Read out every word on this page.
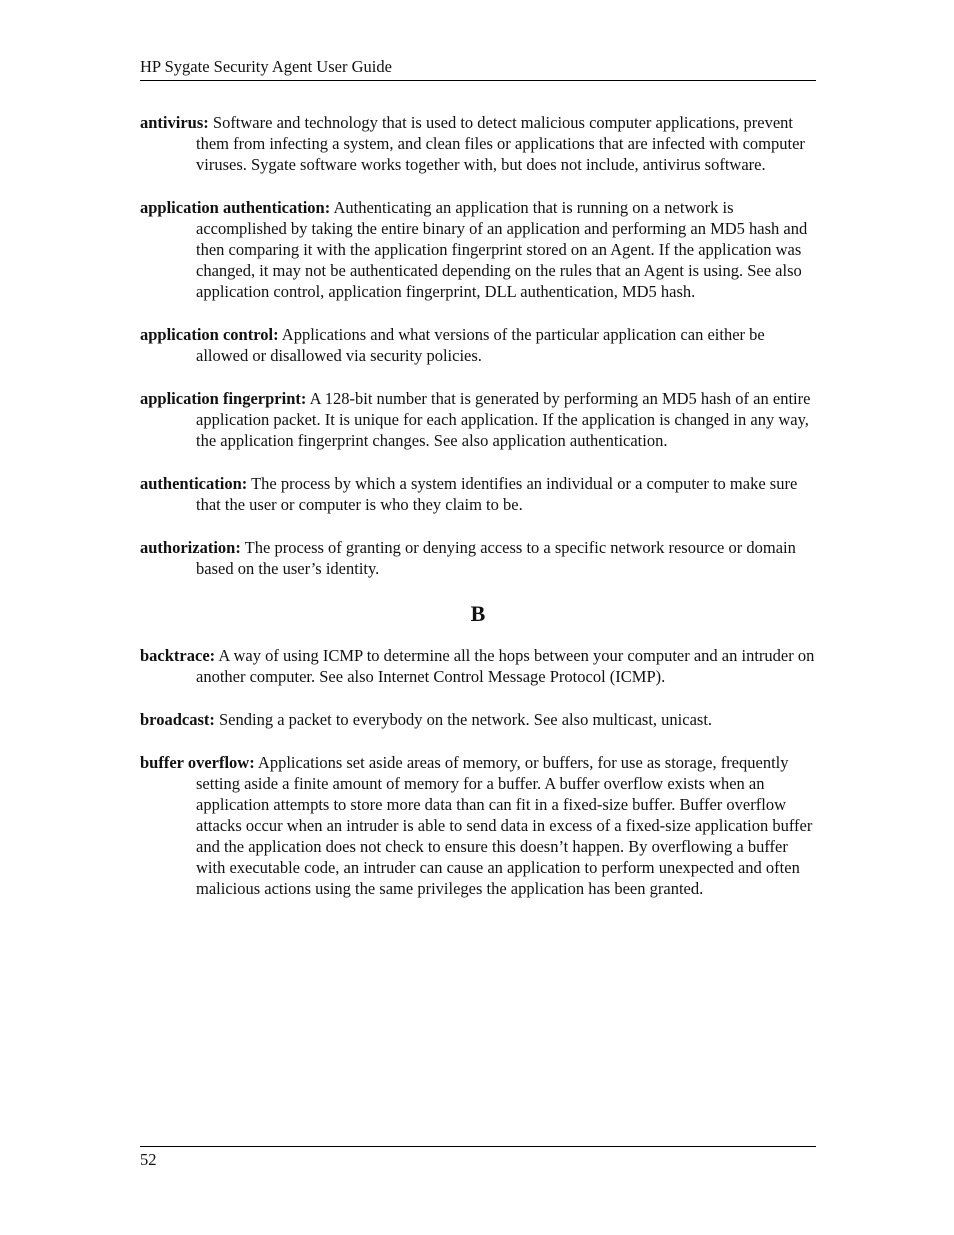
HP Sygate Security Agent User Guide

antivirus: Software and technology that is used to detect malicious computer applications, prevent them from infecting a system, and clean files or applications that are infected with computer viruses. Sygate software works together with, but does not include, antivirus software.

application authentication: Authenticating an application that is running on a network is accomplished by taking the entire binary of an application and performing an MD5 hash and then comparing it with the application fingerprint stored on an Agent. If the application was changed, it may not be authenticated depending on the rules that an Agent is using. See also application control, application fingerprint, DLL authentication, MD5 hash.

application control: Applications and what versions of the particular application can either be allowed or disallowed via security policies.

application fingerprint: A 128-bit number that is generated by performing an MD5 hash of an entire application packet. It is unique for each application. If the application is changed in any way, the application fingerprint changes. See also application authentication.

authentication: The process by which a system identifies an individual or a computer to make sure that the user or computer is who they claim to be.

authorization: The process of granting or denying access to a specific network resource or domain based on the user’s identity.

B

backtrace: A way of using ICMP to determine all the hops between your computer and an intruder on another computer. See also Internet Control Message Protocol (ICMP).

broadcast: Sending a packet to everybody on the network. See also multicast, unicast.

buffer overflow: Applications set aside areas of memory, or buffers, for use as storage, frequently setting aside a finite amount of memory for a buffer. A buffer overflow exists when an application attempts to store more data than can fit in a fixed-size buffer. Buffer overflow attacks occur when an intruder is able to send data in excess of a fixed-size application buffer and the application does not check to ensure this doesn’t happen. By overflowing a buffer with executable code, an intruder can cause an application to perform unexpected and often malicious actions using the same privileges the application has been granted.

52
